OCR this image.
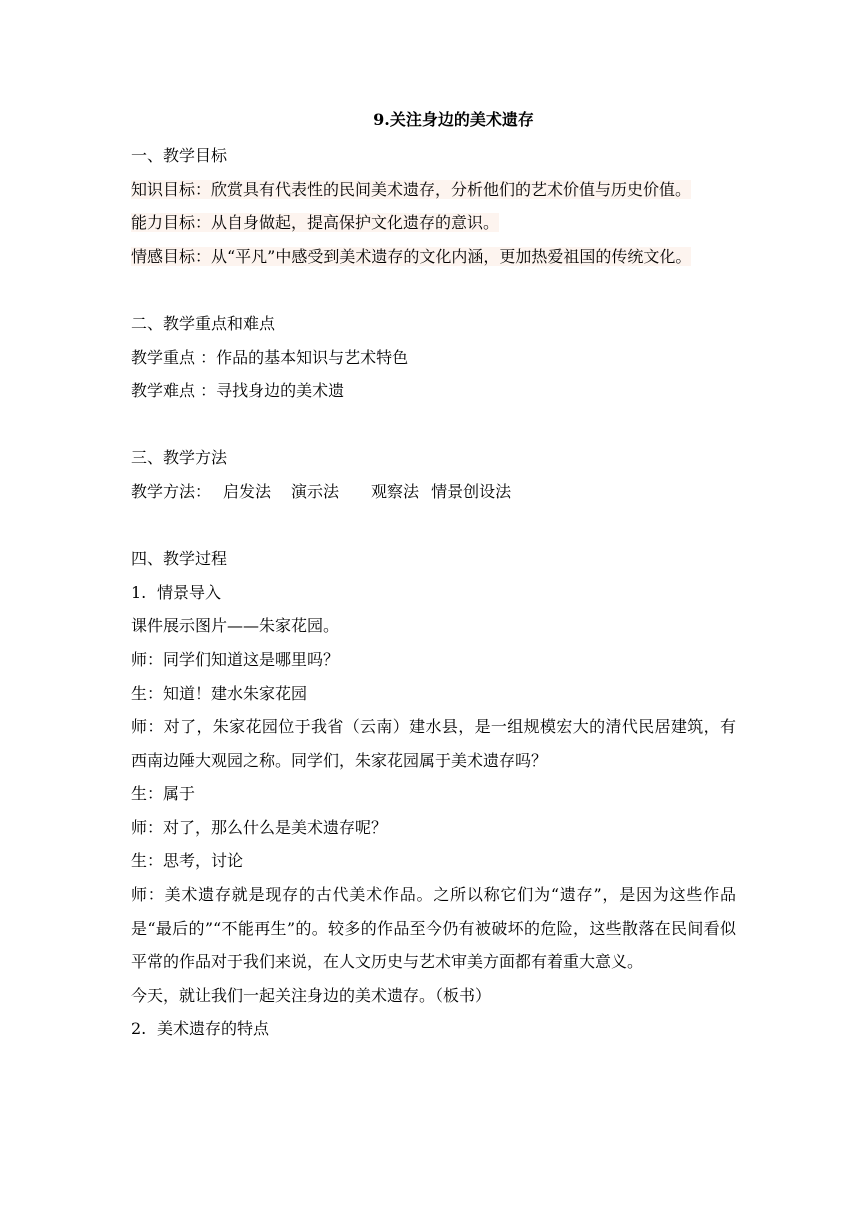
9.关注身边的美术遗存
一、教学目标
知识目标：欣赏具有代表性的民间美术遗存，分析他们的艺术价值与历史价值。
能力目标：从自身做起，提高保护文化遗存的意识。
情感目标：从“平凡”中感受到美术遗存的文化内涵，更加热爱祖国的传统文化。
二、教学重点和难点
教学重点 ：作品的基本知识与艺术特色
教学难点 ：寻找身边的美术遗
三、教学方法
教学方法： 启发法 演示法 观察法 情景创设法
四、教学过程
1. 情景导入
课件展示图片——朱家花园。
师：同学们知道这是哪里吗？
生：知道！建水朱家花园
师：对了，朱家花园位于我省（云南）建水县，是一组规模宏大的清代民居建筑，有西南边陲大观园之称。同学们，朱家花园属于美术遗存吗？
生：属于
师：对了，那么什么是美术遗存呢？
生：思考，讨论
师：美术遗存就是现存的古代美术作品。之所以称它们为“遗存”，是因为这些作品是“最后的”“不能再生”的。较多的作品至今仍有被破坏的危险，这些散落在民间看似平常的作品对于我们来说，在人文历史与艺术审美方面都有着重大意义。
今天，就让我们一起关注身边的美术遗存。（板书）
2. 美术遗存的特点
